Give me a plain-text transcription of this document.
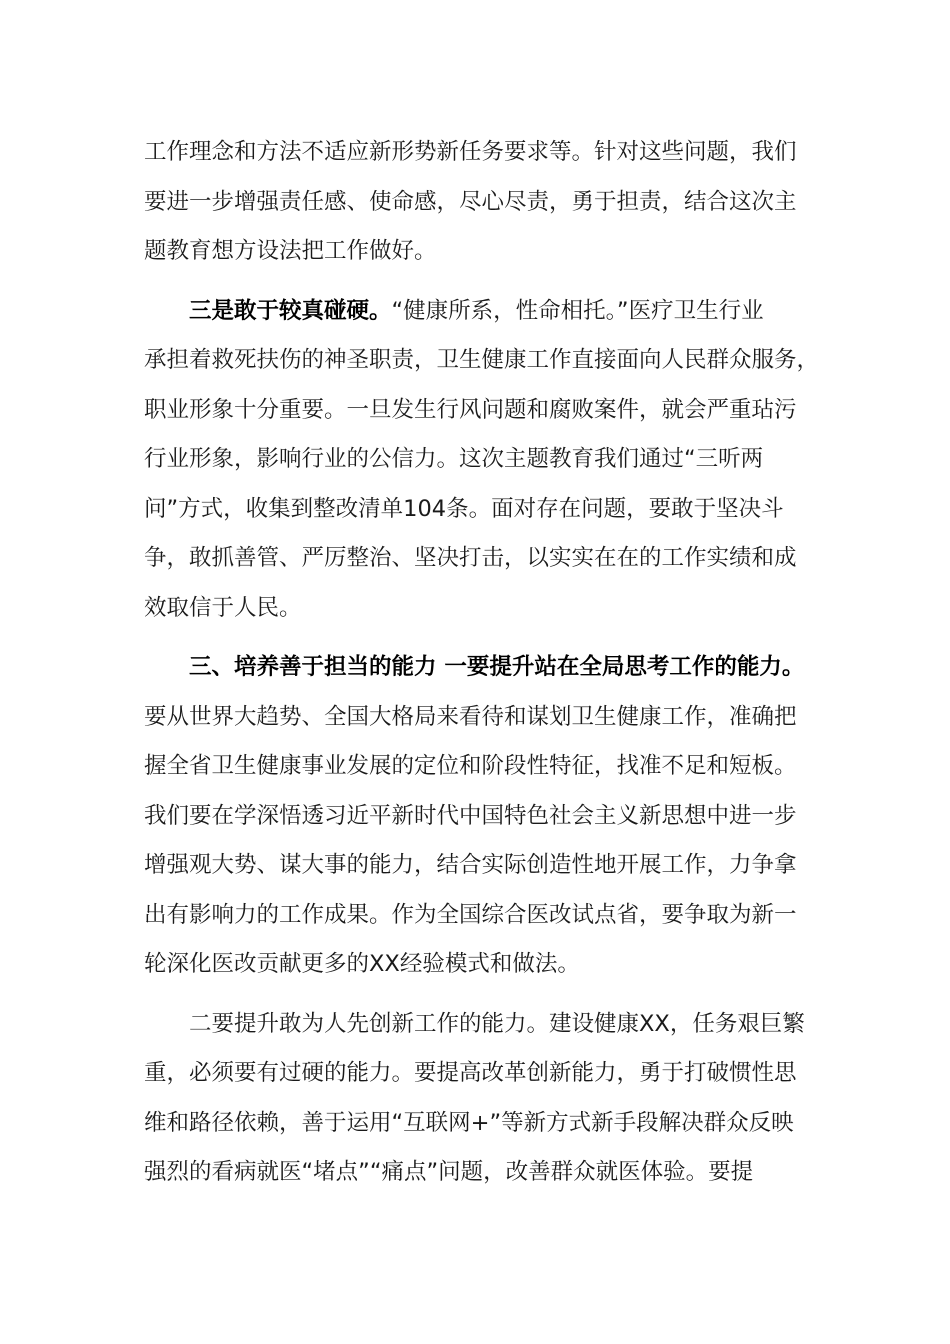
工作理念和方法不适应新形势新任务要求等。针对这些问题，我们
要进一步增强责任感、使命感，尽心尽责，勇于担责，结合这次主
题教育想方设法把工作做好。
三是敢于较真碰硬。“健康所系，性命相托。”医疗卫生行业
承担着救死扶伤的神圣职责，卫生健康工作直接面向人民群众服务，
职业形象十分重要。一旦发生行风问题和腐败案件，就会严重玷污
行业形象，影响行业的公信力。这次主题教育我们通过“三听两
问”方式，收集到整改清单104条。面对存在问题，要敢于坚决斗
争，敢抓善管、严厉整治、坚决打击，以实实在在的工作实绩和成
效取信于人民。
三、培养善于担当的能力 一要提升站在全局思考工作的能力。
要从世界大趋势、全国大格局来看待和谋划卫生健康工作，准确把
握全省卫生健康事业发展的定位和阶段性特征，找准不足和短板。
我们要在学深悟透习近平新时代中国特色社会主义新思想中进一步
增强观大势、谋大事的能力，结合实际创造性地开展工作，力争拿
出有影响力的工作成果。作为全国综合医改试点省，要争取为新一
轮深化医改贡献更多的XX经验模式和做法。
二要提升敢为人先创新工作的能力。建设健康XX，任务艰巨繁
重，必须要有过硬的能力。要提高改革创新能力，勇于打破惯性思
维和路径依赖，善于运用“互联网+”等新方式新手段解决群众反映
强烈的看病就医“堵点”“痛点”问题，改善群众就医体验。要提
